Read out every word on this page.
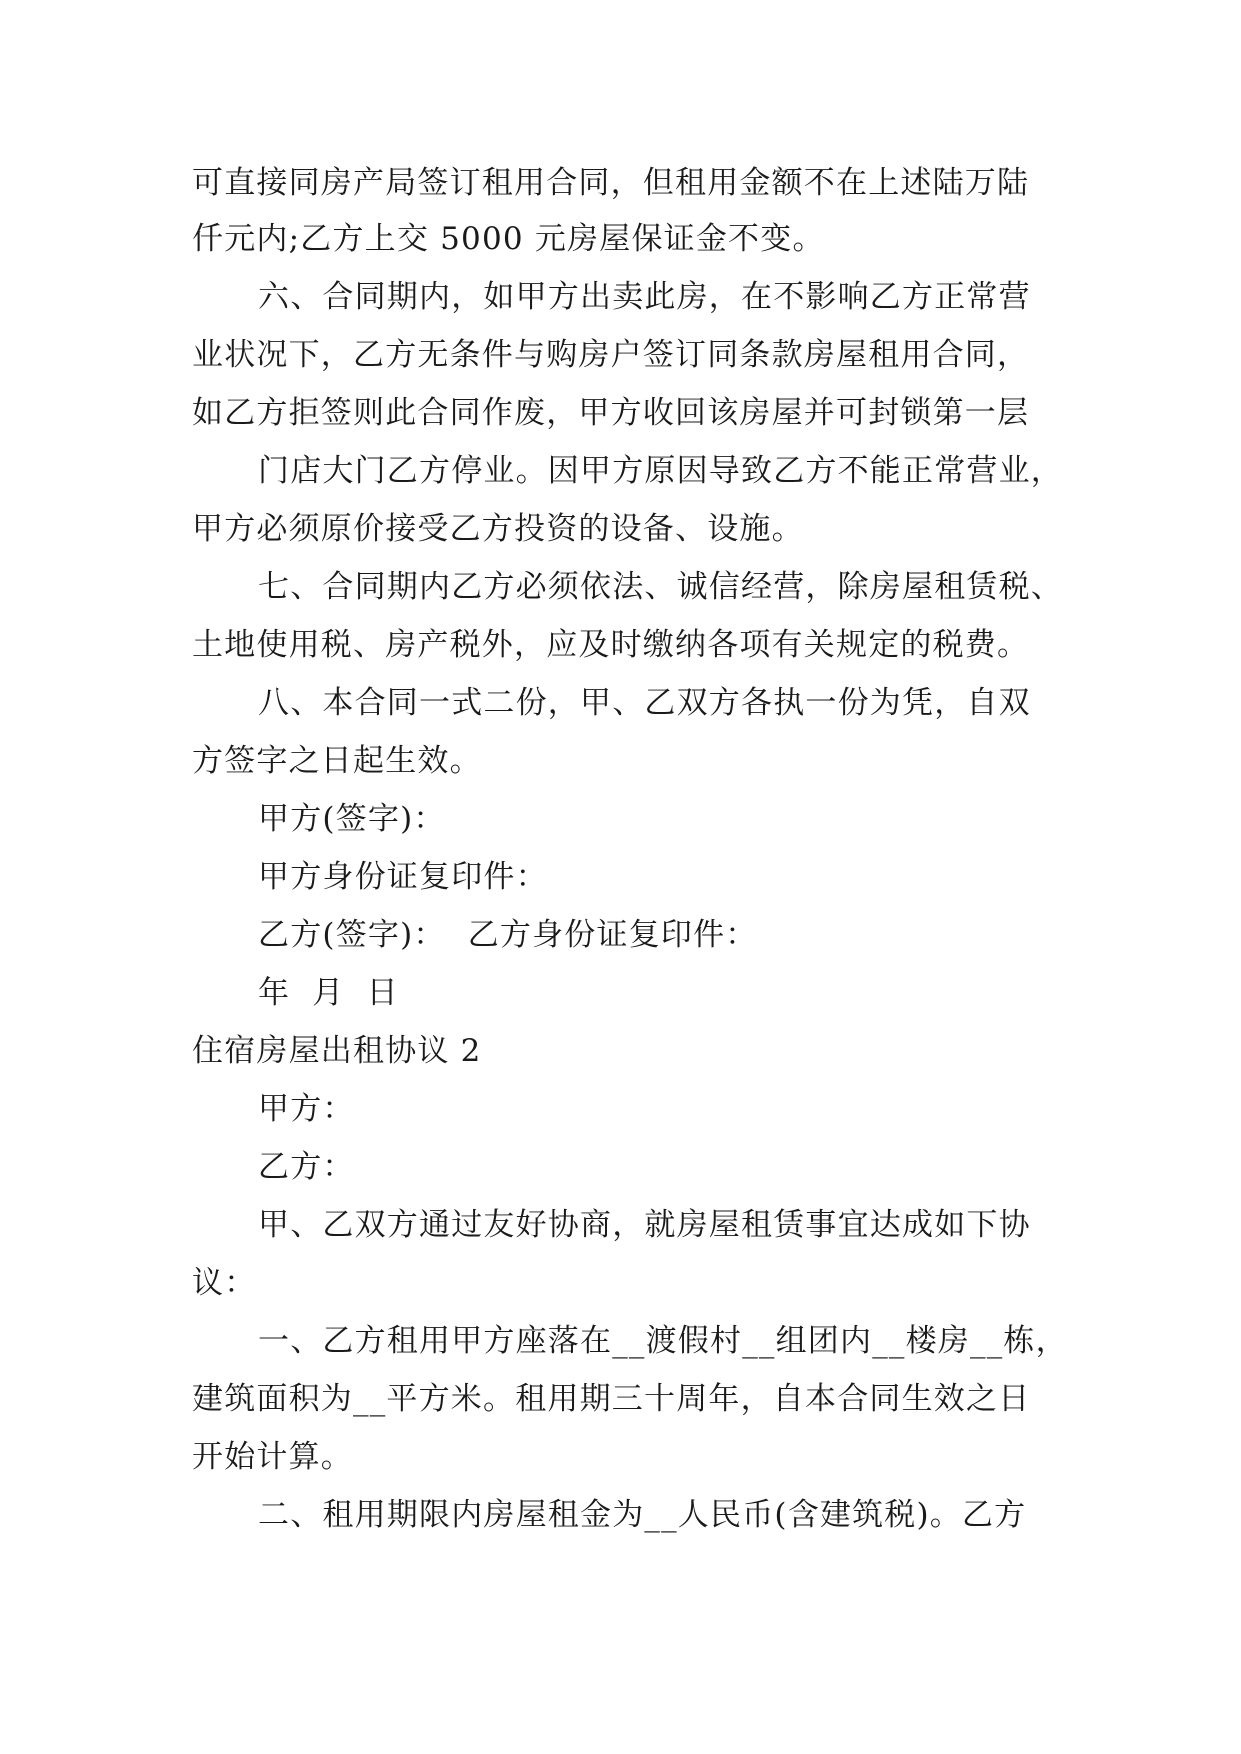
可直接同房产局签订租用合同，但租用金额不在上述陆万陆
仟元内;乙方上交 5000 元房屋保证金不变。
六、合同期内，如甲方出卖此房，在不影响乙方正常营
业状况下，乙方无条件与购房户签订同条款房屋租用合同，
如乙方拒签则此合同作废，甲方收回该房屋并可封锁第一层
门店大门乙方停业。因甲方原因导致乙方不能正常营业，
甲方必须原价接受乙方投资的设备、设施。
七、合同期内乙方必须依法、诚信经营，除房屋租赁税、
土地使用税、房产税外，应及时缴纳各项有关规定的税费。
八、本合同一式二份，甲、乙双方各执一份为凭，自双
方签字之日起生效。
甲方(签字)：
甲方身份证复印件：
乙方(签字)：  乙方身份证复印件：
年  月  日
住宿房屋出租协议 2
甲方：
乙方：
甲、乙双方通过友好协商，就房屋租赁事宜达成如下协
议：
一、乙方租用甲方座落在__渡假村__组团内__楼房__栋，
建筑面积为__平方米。租用期三十周年，自本合同生效之日
开始计算。
二、租用期限内房屋租金为__人民币(含建筑税)。乙方
